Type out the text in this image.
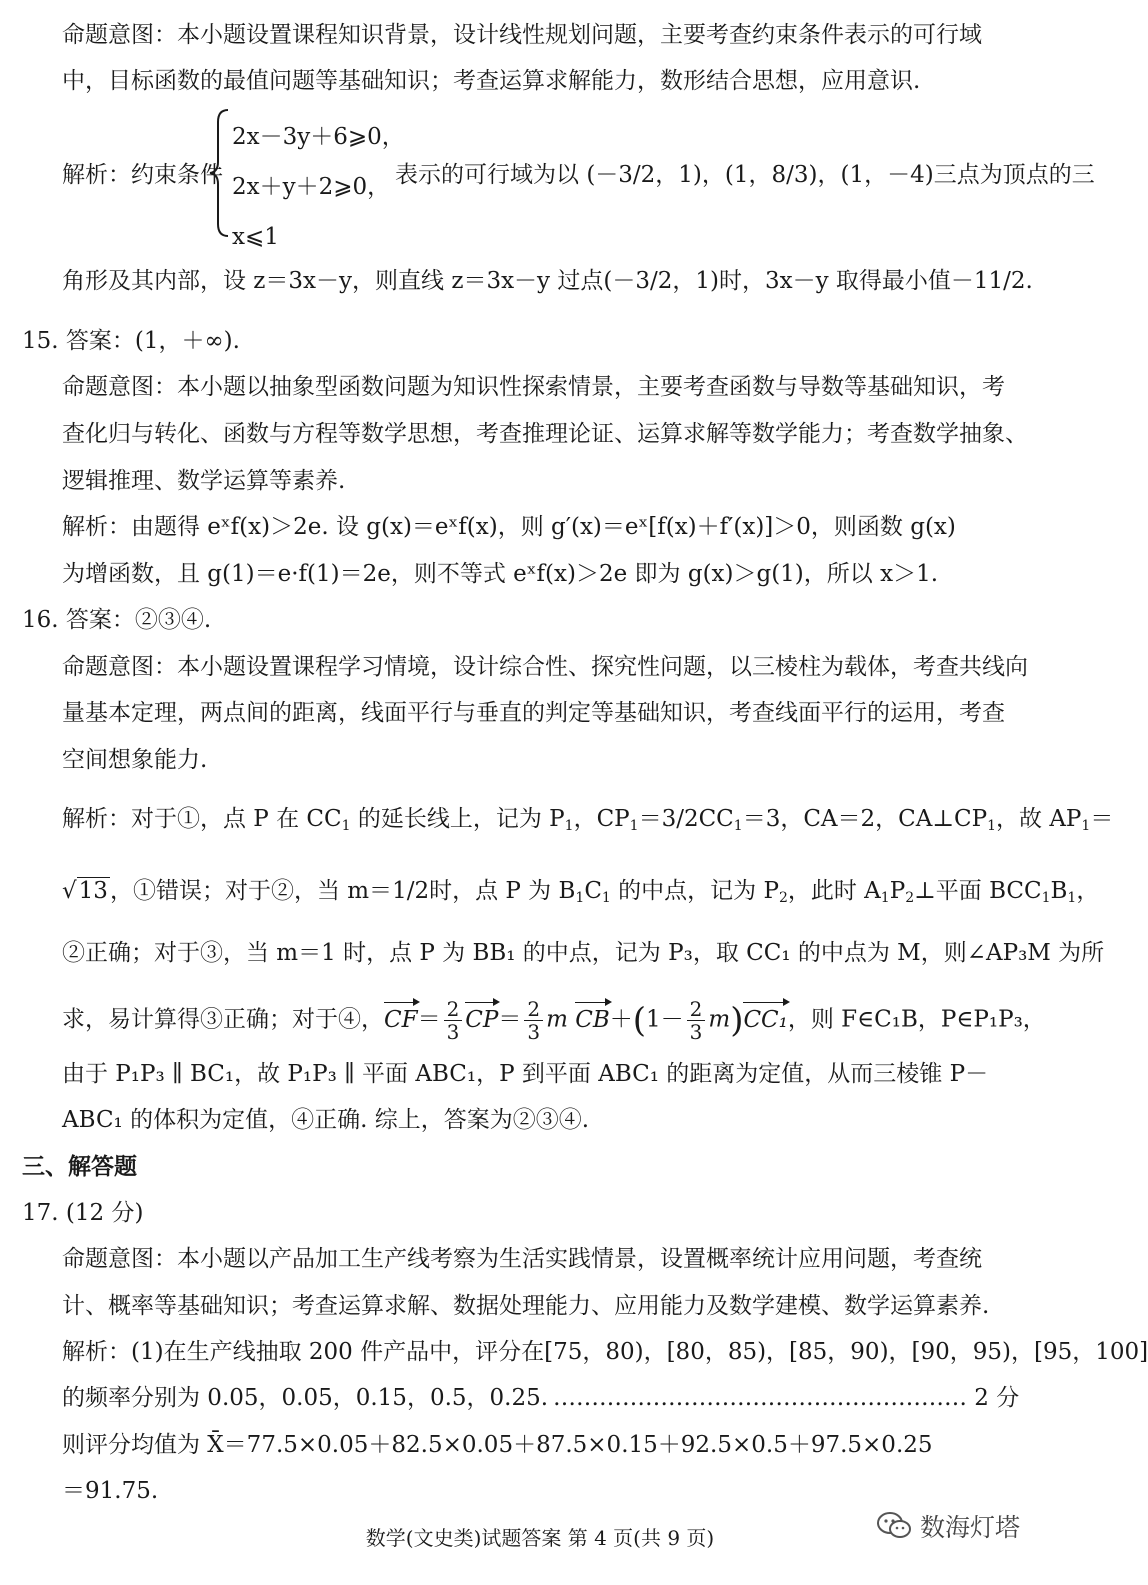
命题意图：本小题设置课程知识背景，设计线性规划问题，主要考查约束条件表示的可行域
中，目标函数的最值问题等基础知识；考查运算求解能力，数形结合思想，应用意识.
解析：约束条件
2x－3y＋6⩾0，
2x＋y＋2⩾0，
x⩽1
表示的可行域为以 (－3/2，1)，(1，8/3)，(1，－4)三点为顶点的三
角形及其内部，设 z＝3x－y，则直线 z＝3x－y 过点(－3/2，1)时，3x－y 取得最小值－11/2.
15. 答案：(1，＋∞).
命题意图：本小题以抽象型函数问题为知识性探索情景，主要考查函数与导数等基础知识，考
查化归与转化、函数与方程等数学思想，考查推理论证、运算求解等数学能力；考查数学抽象、
逻辑推理、数学运算等素养.
解析：由题得 eˣf(x)＞2e. 设 g(x)＝eˣf(x)，则 g′(x)＝eˣ[f(x)＋f′(x)]＞0，则函数 g(x)
为增函数，且 g(1)＝e·f(1)＝2e，则不等式 eˣf(x)＞2e 即为 g(x)＞g(1)，所以 x＞1.
16. 答案：②③④.
命题意图：本小题设置课程学习情境，设计综合性、探究性问题，以三棱柱为载体，考查共线向
量基本定理，两点间的距离，线面平行与垂直的判定等基础知识，考查线面平行的运用，考查
空间想象能力.
解析：对于①，点 P 在 $CC_1$ 的延长线上，记为 $P_1$，$CP_1=3/2CC_1=3$，CA＝2，$CA\perp CP_1$，故 $AP_1=$
√13，①错误；对于②，当 m＝1/2时，点 P 为 $B_1C_1$ 的中点，记为 $P_2$，此时 $A_1P_2\perp$平面 $BCC_1B_1$，
②正确；对于③，当 m＝1 时，点 P 为 BB₁ 的中点，记为 P₃，取 CC₁ 的中点为 M，则∠AP₃M 为所
求，易计算得③正确；对于④，$CF= \frac{2}{3} CP= \frac{2}{3}$ m $CB+(1- \frac{2}{3} m)CC_1$，则 F∈C₁B，P∈P₁P₃，
由于 P₁P₃ ∥ BC₁，故 P₁P₃ ∥ 平面 ABC₁，P 到平面 ABC₁ 的距离为定值，从而三棱锥 P－
ABC₁ 的体积为定值，④正确. 综上，答案为②③④.
三、解答题
17. (12 分)
命题意图：本小题以产品加工生产线考察为生活实践情景，设置概率统计应用问题，考查统
计、概率等基础知识；考查运算求解、数据处理能力、应用能力及数学建模、数学运算素养.
解析：(1)在生产线抽取 200 件产品中，评分在[75，80)，[80，85)，[85，90)，[90，95)，[95，100]
的频率分别为 0.05，0.05，0.15，0.5，0.25. ……………………………………………… 2 分
则评分均值为 X̄＝77.5×0.05＋82.5×0.05＋87.5×0.15＋92.5×0.5＋97.5×0.25
＝91.75.
数学(文史类)试题答案 第 4 页(共 9 页)	数海灯塔
